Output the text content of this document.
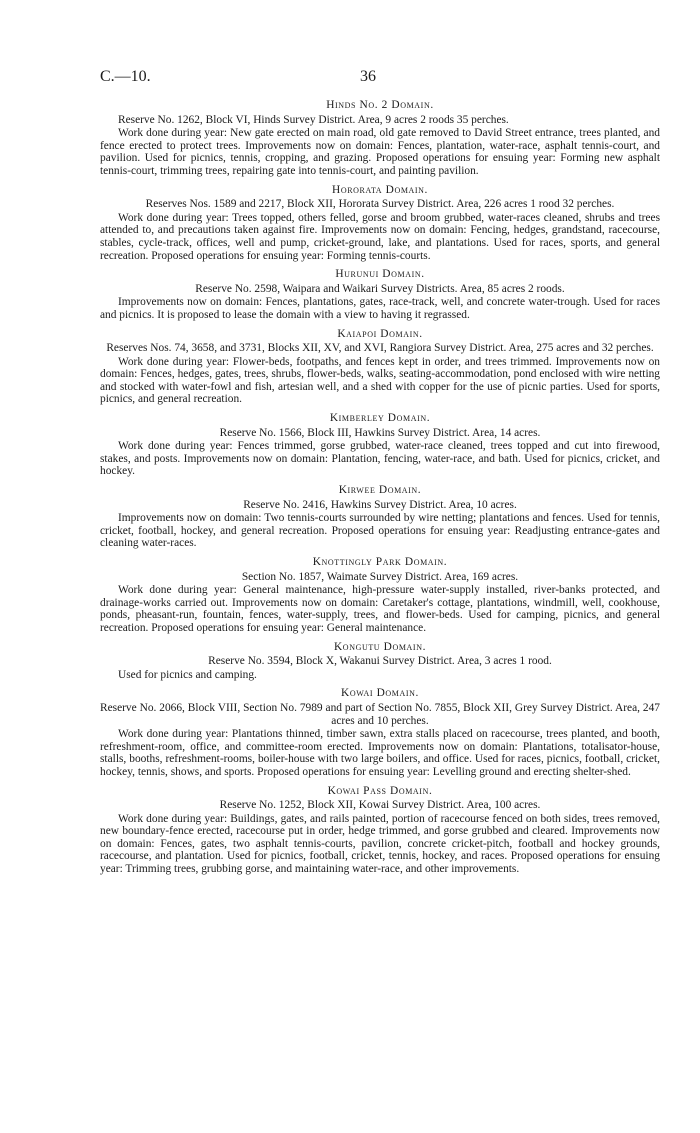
C.—10.	36
Hinds No. 2 Domain.
Reserve No. 1262, Block VI, Hinds Survey District. Area, 9 acres 2 roods 35 perches.

Work done during year: New gate erected on main road, old gate removed to David Street entrance, trees planted, and fence erected to protect trees. Improvements now on domain: Fences, plantation, water-race, asphalt tennis-court, and pavilion. Used for picnics, tennis, cropping, and grazing. Proposed operations for ensuing year: Forming new asphalt tennis-court, trimming trees, repairing gate into tennis-court, and painting pavilion.

Hororata Domain.
Reserves Nos. 1589 and 2217, Block XII, Hororata Survey District. Area, 226 acres 1 rood 32 perches.

Work done during year: Trees topped, others felled, gorse and broom grubbed, water-races cleaned, shrubs and trees attended to, and precautions taken against fire. Improvements now on domain: Fencing, hedges, grandstand, racecourse, stables, cycle-track, offices, well and pump, cricket-ground, lake, and plantations. Used for races, sports, and general recreation. Proposed operations for ensuing year: Forming tennis-courts.

Hurunui Domain.
Reserve No. 2598, Waipara and Waikari Survey Districts. Area, 85 acres 2 roods.

Improvements now on domain: Fences, plantations, gates, race-track, well, and concrete water-trough. Used for races and picnics. It is proposed to lease the domain with a view to having it regrassed.

Kaiapoi Domain.
Reserves Nos. 74, 3658, and 3731, Blocks XII, XV, and XVI, Rangiora Survey District. Area, 275 acres and 32 perches.

Work done during year: Flower-beds, footpaths, and fences kept in order, and trees trimmed. Improvements now on domain: Fences, hedges, gates, trees, shrubs, flower-beds, walks, seating-accommodation, pond enclosed with wire netting and stocked with water-fowl and fish, artesian well, and a shed with copper for the use of picnic parties. Used for sports, picnics, and general recreation.

Kimberley Domain.
Reserve No. 1566, Block III, Hawkins Survey District. Area, 14 acres.

Work done during year: Fences trimmed, gorse grubbed, water-race cleaned, trees topped and cut into firewood, stakes, and posts. Improvements now on domain: Plantation, fencing, water-race, and bath. Used for picnics, cricket, and hockey.

Kirwee Domain.
Reserve No. 2416, Hawkins Survey District. Area, 10 acres.

Improvements now on domain: Two tennis-courts surrounded by wire netting; plantations and fences. Used for tennis, cricket, football, hockey, and general recreation. Proposed operations for ensuing year: Readjusting entrance-gates and cleaning water-races.

Knottingly Park Domain.
Section No. 1857, Waimate Survey District. Area, 169 acres.

Work done during year: General maintenance, high-pressure water-supply installed, river-banks protected, and drainage-works carried out. Improvements now on domain: Caretaker's cottage, plantations, windmill, well, cookhouse, ponds, pheasant-run, fountain, fences, water-supply, trees, and flower-beds. Used for camping, picnics, and general recreation. Proposed operations for ensuing year: General maintenance.

Kongutu Domain.
Reserve No. 3594, Block X, Wakanui Survey District. Area, 3 acres 1 rood.

Used for picnics and camping.

Kowai Domain.
Reserve No. 2066, Block VIII, Section No. 7989 and part of Section No. 7855, Block XII, Grey Survey District. Area, 247 acres and 10 perches.

Work done during year: Plantations thinned, timber sawn, extra stalls placed on racecourse, trees planted, and booth, refreshment-room, office, and committee-room erected. Improvements now on domain: Plantations, totalisator-house, stalls, booths, refreshment-rooms, boiler-house with two large boilers, and office. Used for races, picnics, football, cricket, hockey, tennis, shows, and sports. Proposed operations for ensuing year: Levelling ground and erecting shelter-shed.

Kowai Pass Domain.
Reserve No. 1252, Block XII, Kowai Survey District. Area, 100 acres.

Work done during year: Buildings, gates, and rails painted, portion of racecourse fenced on both sides, trees removed, new boundary-fence erected, racecourse put in order, hedge trimmed, and gorse grubbed and cleared. Improvements now on domain: Fences, gates, two asphalt tennis-courts, pavilion, concrete cricket-pitch, football and hockey grounds, racecourse, and plantation. Used for picnics, football, cricket, tennis, hockey, and races. Proposed operations for ensuing year: Trimming trees, grubbing gorse, and maintaining water-race, and other improvements.
